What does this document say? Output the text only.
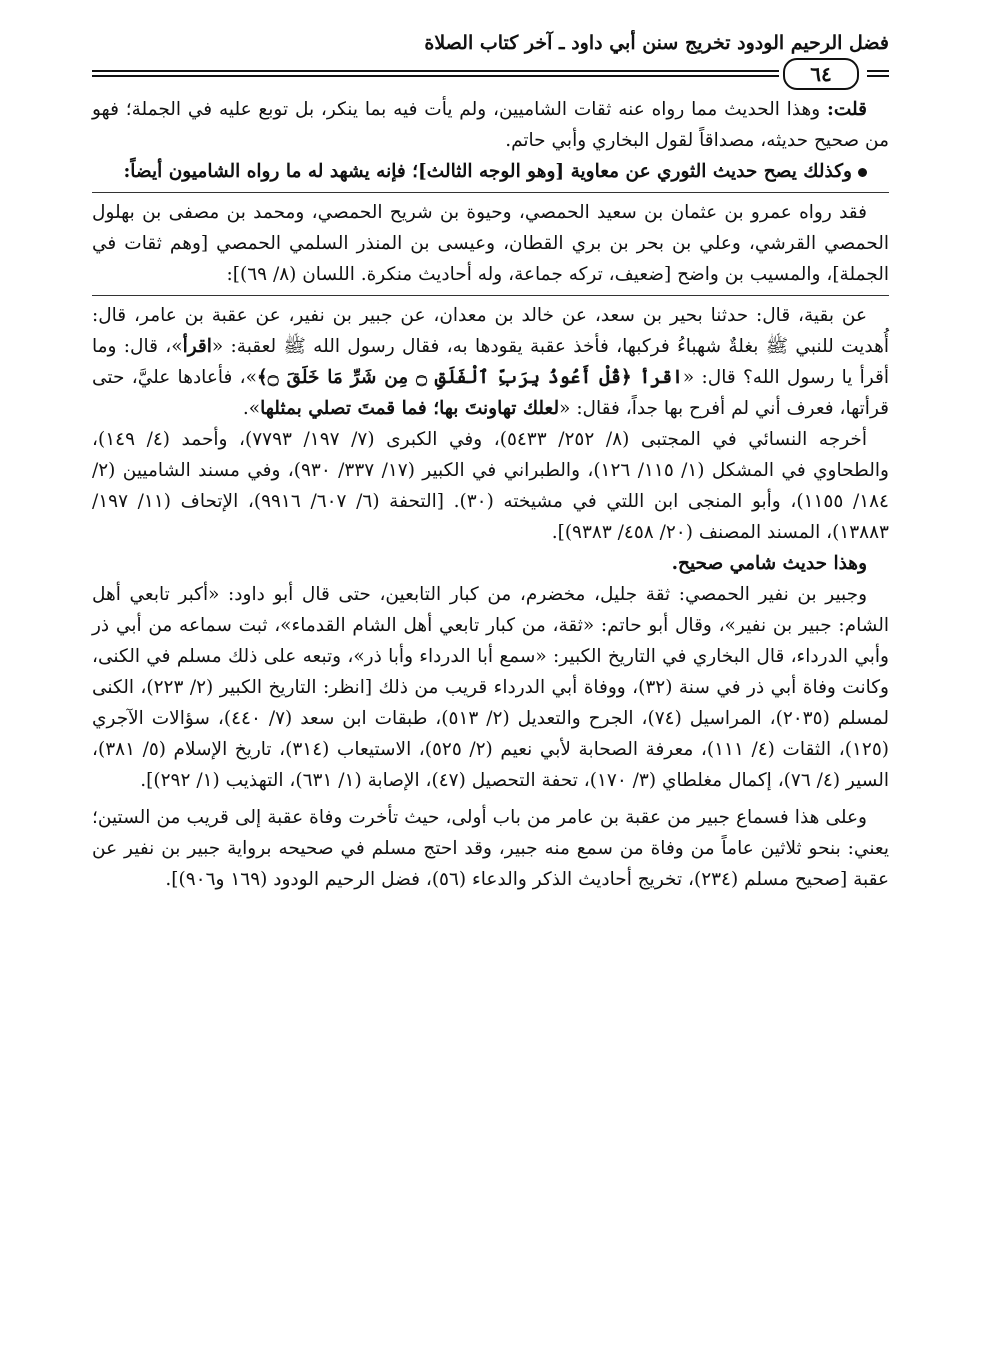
فضل الرحيم الودود تخريج سنن أبي داود ـ آخر كتاب الصلاة
٦٤

قلت: وهذا الحديث مما رواه عنه ثقات الشاميين، ولم يأت فيه بما ينكر، بل توبع عليه في الجملة؛ فهو من صحيح حديثه، مصداقاً لقول البخاري وأبي حاتم.

وكذلك يصح حديث الثوري عن معاوية [وهو الوجه الثالث]؛ فإنه يشهد له ما رواه الشاميون أيضاً:

فقد رواه عمرو بن عثمان بن سعيد الحمصي، وحيوة بن شريح الحمصي، ومحمد بن مصفى بن بهلول الحمصي القرشي، وعلي بن بحر بن بري القطان، وعيسى بن المنذر السلمي الحمصي [وهم ثقات في الجملة]، والمسيب بن واضح [ضعيف، تركه جماعة، وله أحاديث منكرة. اللسان (٨/ ٦٩)]:

عن بقية، قال: حدثنا بحير بن سعد، عن خالد بن معدان، عن جبير بن نفير، عن عقبة بن عامر، قال: أُهديت للنبي ﷺ بغلةٌ شهباءُ فركبها، فأخذ عقبة يقودها به، فقال رسول الله ﷺ لعقبة: «اقرأ»، قال: وما أقرأ يا رسول الله؟ قال: «اقرأ ﴿قُلْ أَعُوذُ بِرَبِّ ٱلْفَلَقِ ۝ مِن شَرِّ مَا خَلَقَ ۝﴾»، فأعادها عليَّ، حتى قرأتها، فعرف أني لم أفرح بها جداً، فقال: «لعلك تهاونتَ بها؛ فما قمتَ تصلي بمثلها».

أخرجه النسائي في المجتبى (٨/ ٢٥٢/ ٥٤٣٣)، وفي الكبرى (٧/ ١٩٧/ ٧٧٩٣)، وأحمد (٤/ ١٤٩)، والطحاوي في المشكل (١/ ١١٥/ ١٢٦)، والطبراني في الكبير (١٧/ ٣٣٧/ ٩٣٠)، وفي مسند الشاميين (٢/ ١٨٤/ ١١٥٥)، وأبو المنجى ابن اللتي في مشيخته (٣٠). [التحفة (٦/ ٦٠٧/ ٩٩١٦)، الإتحاف (١١/ ١٩٧/ ١٣٨٨٣)، المسند المصنف (٢٠/ ٤٥٨/ ٩٣٨٣)].

وهذا حديث شامي صحيح.

وجبير بن نفير الحمصي: ثقة جليل، مخضرم، من كبار التابعين، حتى قال أبو داود: «أكبر تابعي أهل الشام: جبير بن نفير»، وقال أبو حاتم: «ثقة، من كبار تابعي أهل الشام القدماء»، ثبت سماعه من أبي ذر وأبي الدرداء، قال البخاري في التاريخ الكبير: «سمع أبا الدرداء وأبا ذر»، وتبعه على ذلك مسلم في الكنى، وكانت وفاة أبي ذر في سنة (٣٢)، ووفاة أبي الدرداء قريب من ذلك [انظر: التاريخ الكبير (٢/ ٢٢٣)، الكنى لمسلم (٢٠٣٥)، المراسيل (٧٤)، الجرح والتعديل (٢/ ٥١٣)، طبقات ابن سعد (٧/ ٤٤٠)، سؤالات الآجري (١٢٥)، الثقات (٤/ ١١١)، معرفة الصحابة لأبي نعيم (٢/ ٥٢٥)، الاستيعاب (٣١٤)، تاريخ الإسلام (٥/ ٣٨١)، السير (٤/ ٧٦)، إكمال مغلطاي (٣/ ١٧٠)، تحفة التحصيل (٤٧)، الإصابة (١/ ٦٣١)، التهذيب (١/ ٢٩٢)].

وعلى هذا فسماع جبير من عقبة بن عامر من باب أولى، حيث تأخرت وفاة عقبة إلى قريب من الستين؛ يعني: بنحو ثلاثين عاماً من وفاة من سمع منه جبير، وقد احتج مسلم في صحيحه برواية جبير بن نفير عن عقبة [صحيح مسلم (٢٣٤)، تخريج أحاديث الذكر والدعاء (٥٦)، فضل الرحيم الودود (١٦٩ و٩٠٦)].
